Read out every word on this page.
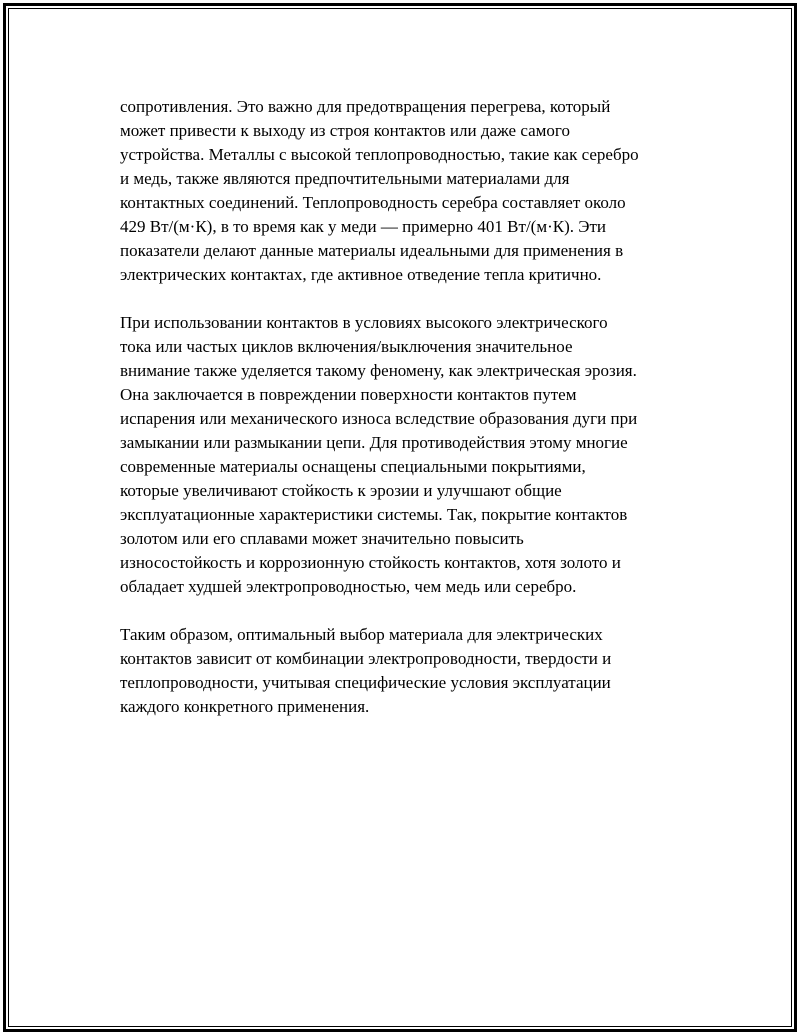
сопротивления. Это важно для предотвращения перегрева, который
может привести к выходу из строя контактов или даже самого
устройства. Металлы с высокой теплопроводностью, такие как серебро
и медь, также являются предпочтительными материалами для
контактных соединений. Теплопроводность серебра составляет около
429 Вт/(м·К), в то время как у меди — примерно 401 Вт/(м·К). Эти
показатели делают данные материалы идеальными для применения в
электрических контактах, где активное отведение тепла критично.

При использовании контактов в условиях высокого электрического
тока или частых циклов включения/выключения значительное
внимание также уделяется такому феномену, как электрическая эрозия.
Она заключается в повреждении поверхности контактов путем
испарения или механического износа вследствие образования дуги при
замыкании или размыкании цепи. Для противодействия этому многие
современные материалы оснащены специальными покрытиями,
которые увеличивают стойкость к эрозии и улучшают общие
эксплуатационные характеристики системы. Так, покрытие контактов
золотом или его сплавами может значительно повысить
износостойкость и коррозионную стойкость контактов, хотя золото и
обладает худшей электропроводностью, чем медь или серебро.

Таким образом, оптимальный выбор материала для электрических
контактов зависит от комбинации электропроводности, твердости и
теплопроводности, учитывая специфические условия эксплуатации
каждого конкретного применения.
